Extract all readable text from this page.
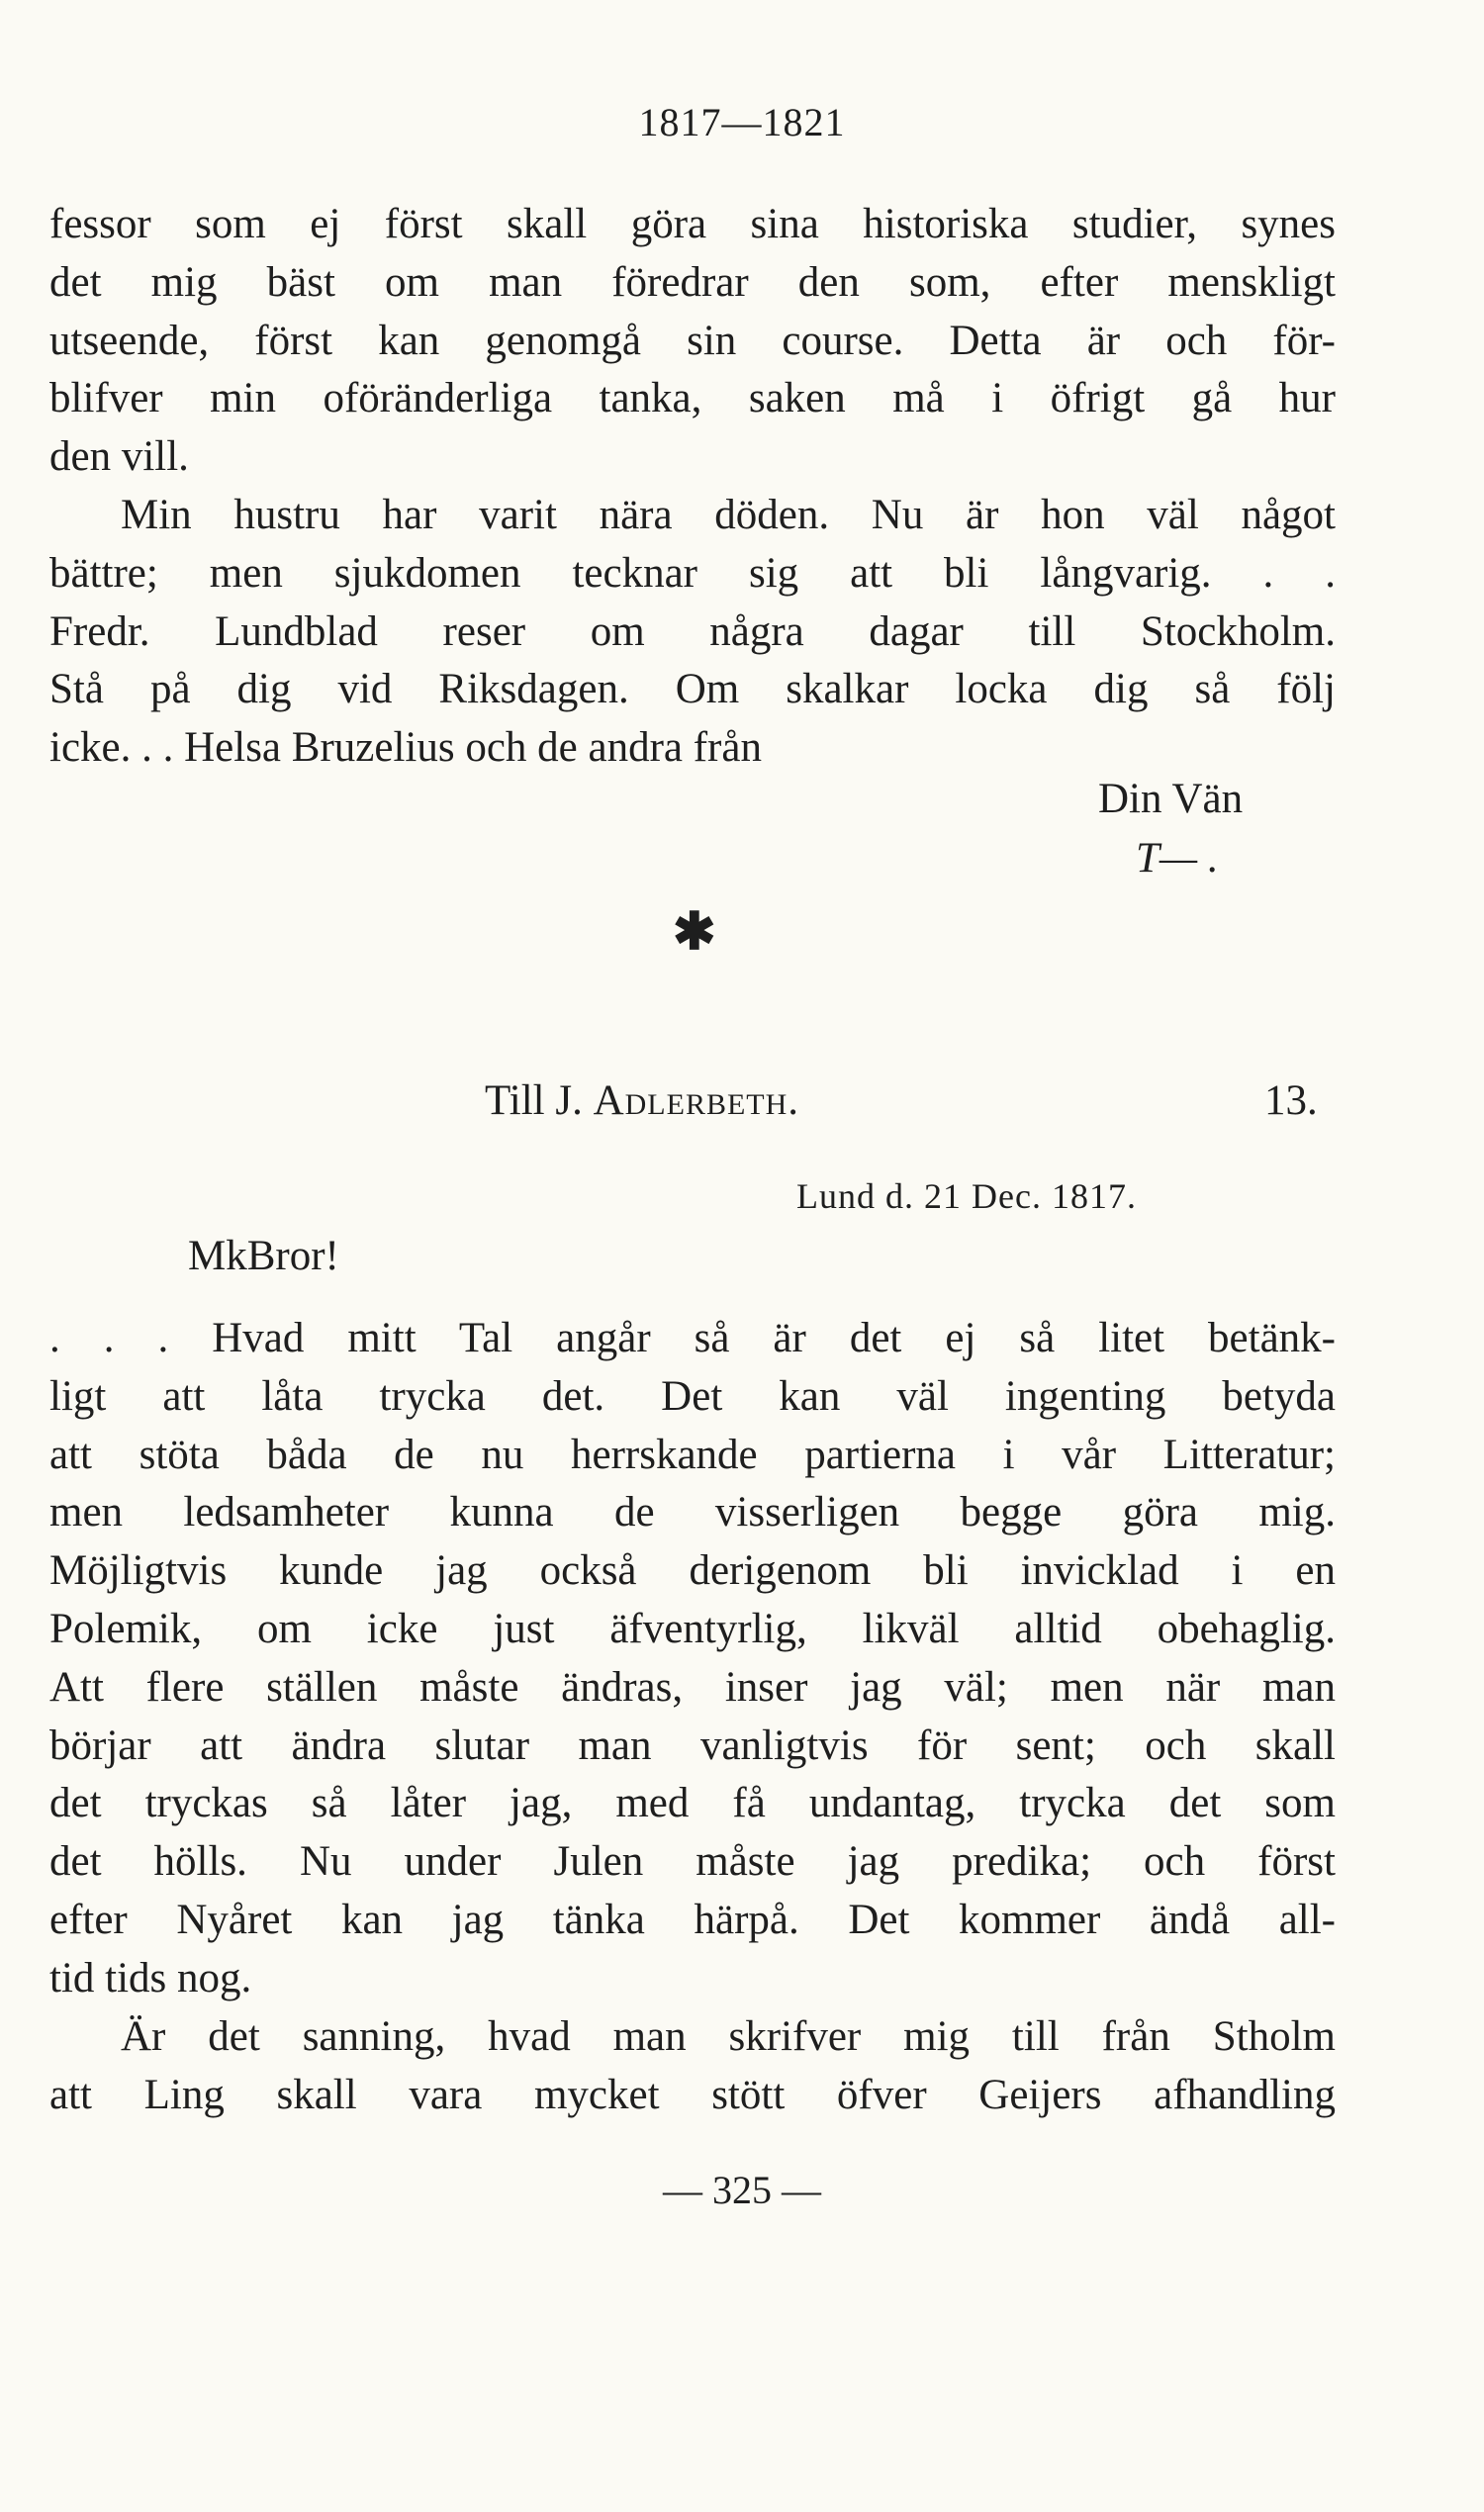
1817—1821
fessor som ej först skall göra sina historiska studier, synes
det mig bäst om man föredrar den som, efter menskligt
utseende, först kan genomgå sin course. Detta är och för-
blifver min oföränderliga tanka, saken må i öfrigt gå hur
den vill.
Min hustru har varit nära döden. Nu är hon väl något
bättre; men sjukdomen tecknar sig att bli långvarig. . .
Fredr. Lundblad reser om några dagar till Stockholm.
Stå på dig vid Riksdagen. Om skalkar locka dig så följ
icke. . . Helsa Bruzelius och de andra från
Din Vän
T— .
✱
Till J. Adlerbeth.	13.
Lund d. 21 Dec. 1817.
MkBror!
. . . Hvad mitt Tal angår så är det ej så litet betänk-
ligt att låta trycka det. Det kan väl ingenting betyda
att stöta båda de nu herrskande partierna i vår Litteratur;
men ledsamheter kunna de visserligen begge göra mig.
Möjligtvis kunde jag också derigenom bli invicklad i en
Polemik, om icke just äfventyrlig, likväl alltid obehaglig.
Att flere ställen måste ändras, inser jag väl; men när man
börjar att ändra slutar man vanligtvis för sent; och skall
det tryckas så låter jag, med få undantag, trycka det som
det hölls. Nu under Julen måste jag predika; och först
efter Nyåret kan jag tänka härpå. Det kommer ändå all-
tid tids nog.
Är det sanning, hvad man skrifver mig till från Stholm
att Ling skall vara mycket stött öfver Geijers afhandling
— 325 —
